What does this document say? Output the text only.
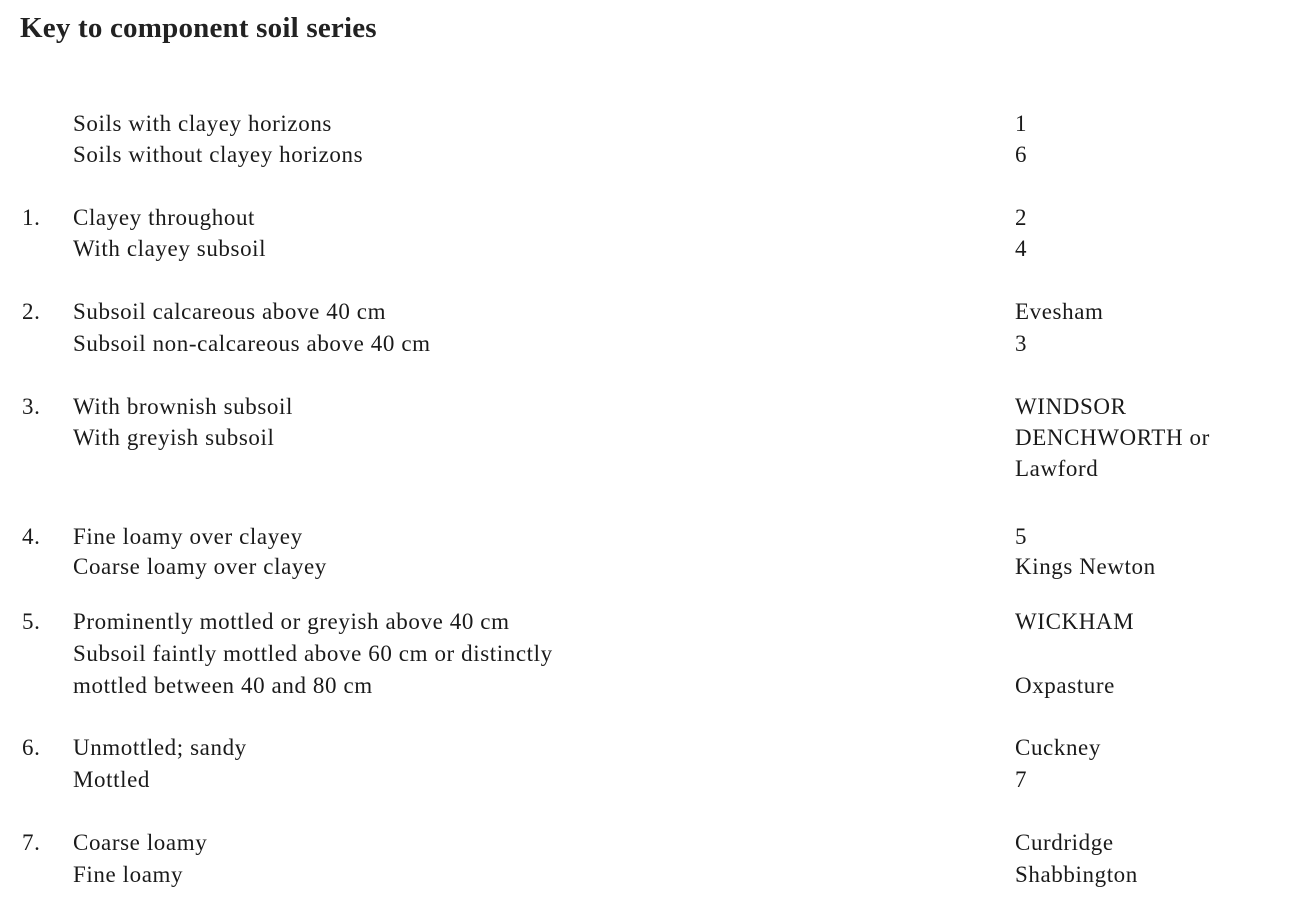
Key to component soil series
Soils with clayey horizons	1
Soils without clayey horizons	6
1. Clayey throughout	2
With clayey subsoil	4
2. Subsoil calcareous above 40 cm	Evesham
Subsoil non-calcareous above 40 cm	3
3. With brownish subsoil	WINDSOR
With greyish subsoil	DENCHWORTH or
Lawford
4. Fine loamy over clayey	5
Coarse loamy over clayey	Kings Newton
5. Prominently mottled or greyish above 40 cm	WICKHAM
Subsoil faintly mottled above 60 cm or distinctly
mottled between 40 and 80 cm	Oxpasture
6. Unmottled; sandy	Cuckney
Mottled	7
7. Coarse loamy	Curdridge
Fine loamy	Shabbington
